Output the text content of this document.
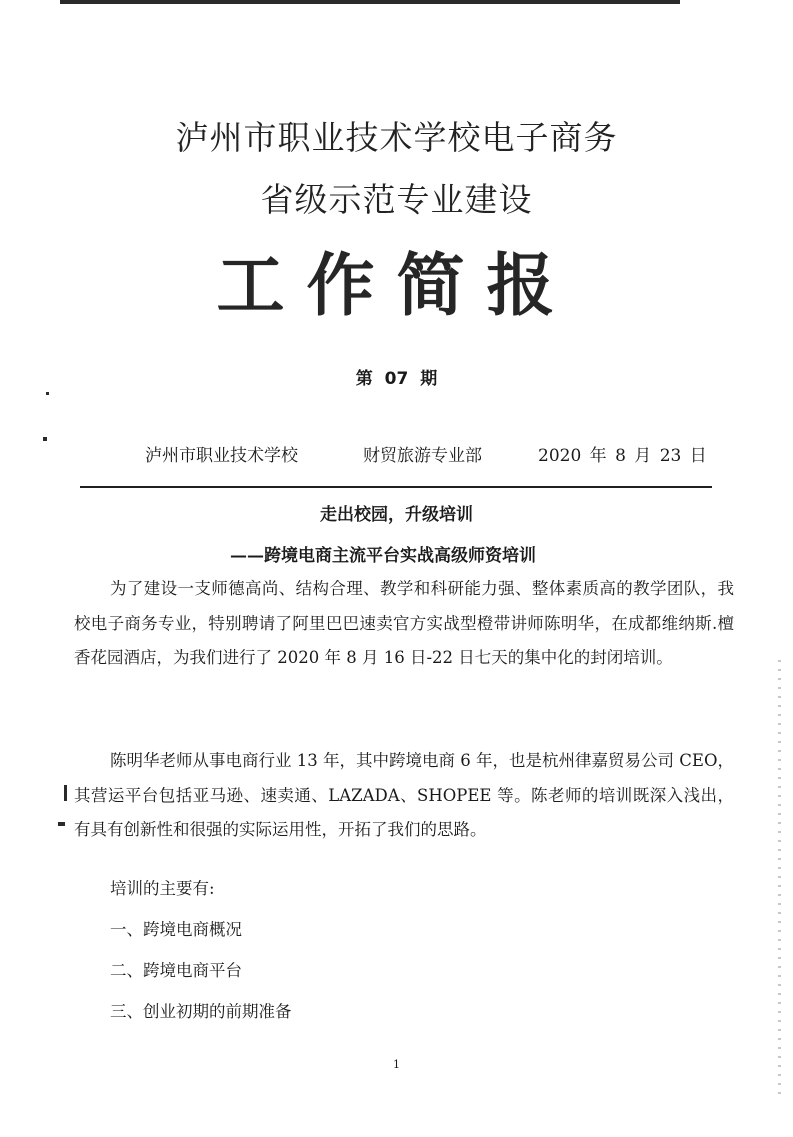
泸州市职业技术学校电子商务
省级示范专业建设
工作简报
第 07 期
泸州市职业技术学校	财贸旅游专业部	2020 年 8 月 23 日
走出校园，升级培训
——跨境电商主流平台实战高级师资培训

为了建设一支师德高尚、结构合理、教学和科研能力强、整体素质高的教学团队，我校电子商务专业，特别聘请了阿里巴巴速卖官方实战型橙带讲师陈明华，在成都维纳斯.檀香花园酒店，为我们进行了 2020 年 8 月 16 日-22 日七天的集中化的封闭培训。

陈明华老师从事电商行业 13 年，其中跨境电商 6 年，也是杭州律嘉贸易公司 CEO，其营运平台包括亚马逊、速卖通、LAZADA、SHOPEE 等。陈老师的培训既深入浅出，有具有创新性和很强的实际运用性，开拓了我们的思路。

培训的主要有:

一、跨境电商概况

二、跨境电商平台

三、创业初期的前期准备

1
